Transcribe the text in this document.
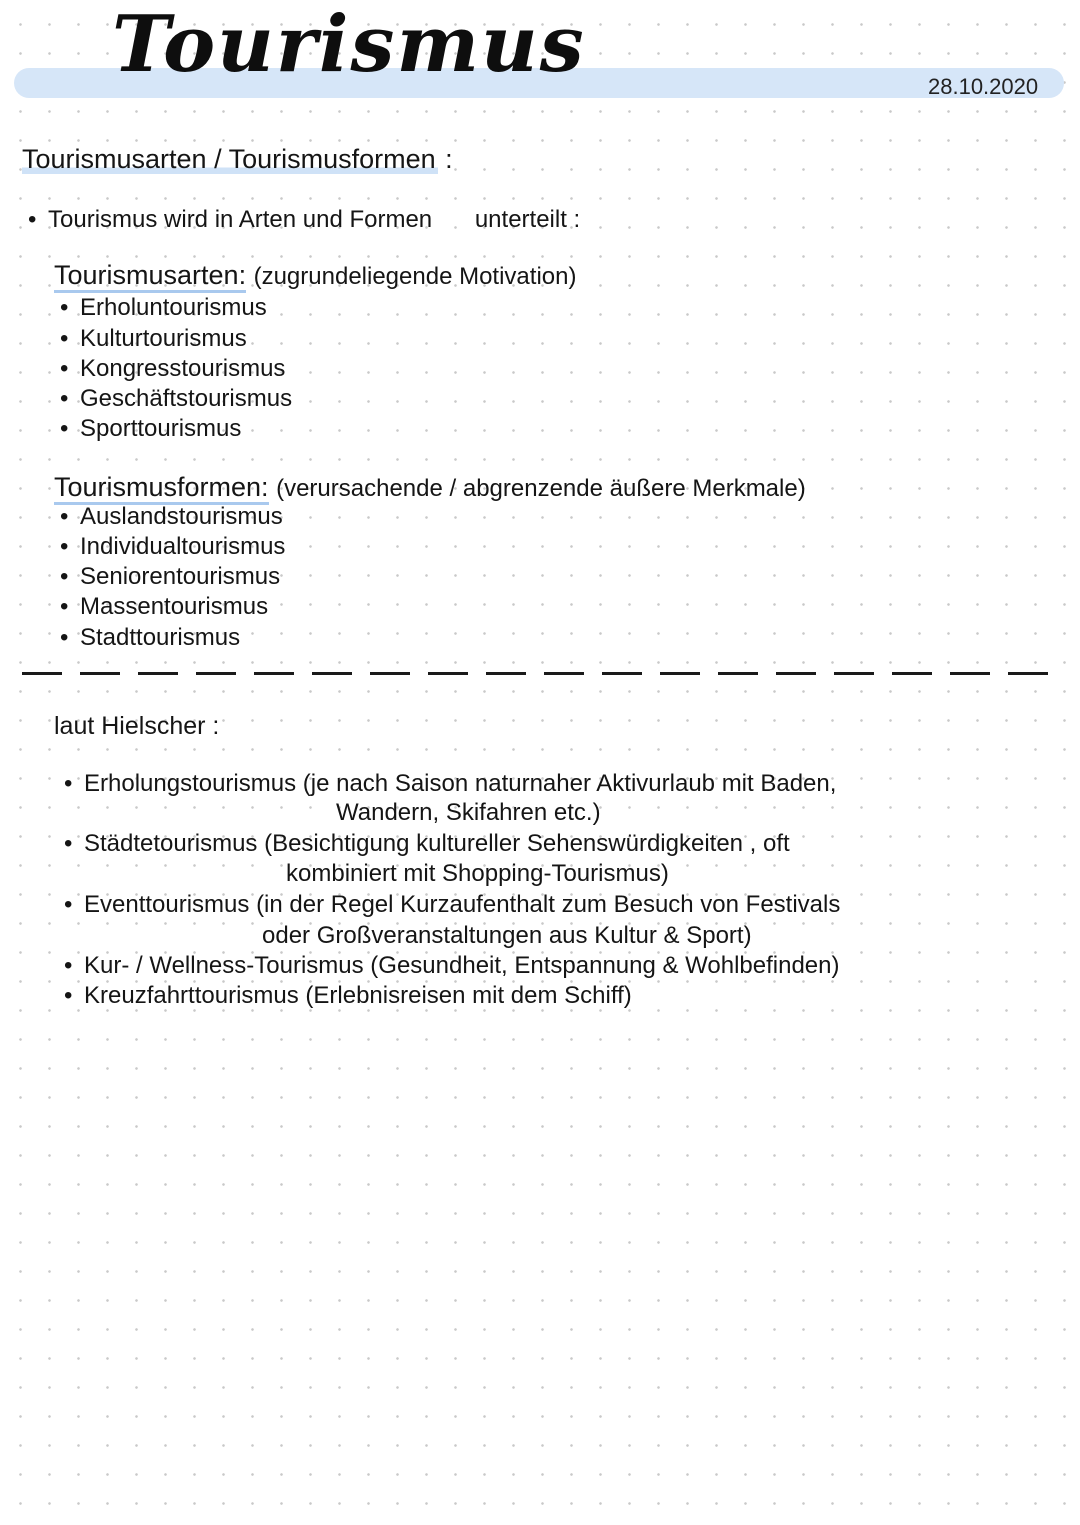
Tourismus	28.10.2020
Tourismusarten / Tourismusformen :
• Tourismus wird in Arten und Formen unterteilt :
Tourismusarten: (zugrundeliegende Motivation)
• Erholuntourismus
• Kulturtourismus
• Kongresstourismus
• Geschäftstourismus
• Sporttourismus
Tourismusformen: (verursachende / abgrenzende äußere Merkmale)
• Auslandstourismus
• Individualtourismus
• Seniorentourismus
• Massentourismus
• Stadttourismus
laut Hielscher :
• Erholungstourismus (je nach Saison naturnaher Aktivurlaub mit Baden,
Wandern, Skifahren etc.)
• Städtetourismus (Besichtigung kultureller Sehenswürdigkeiten , oft
kombiniert mit Shopping-Tourismus)
• Eventtourismus (in der Regel Kurzaufenthalt zum Besuch von Festivals
oder Großveranstaltungen aus Kultur & Sport)
• Kur- / Wellness-Tourismus (Gesundheit, Entspannung & Wohlbefinden)
• Kreuzfahrttourismus (Erlebnisreisen mit dem Schiff)
